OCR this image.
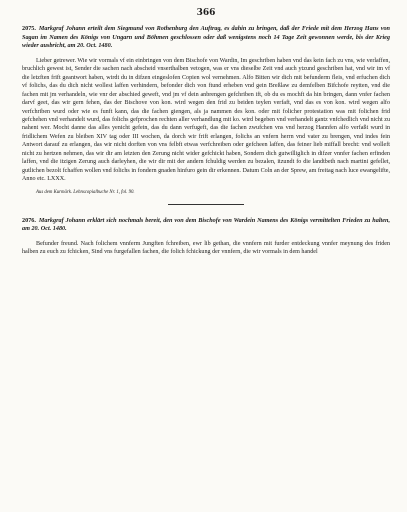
366
2075. Markgraf Johann erteilt dem Siegmund von Rothenburg den Auftrag, es dahin zu bringen, daß der Friede mit dem Herzog Hans von Sagan im Namen des Königs von Ungarn und Böhmen geschlossen oder daß wenigstens noch 14 Tage Zeit gewonnen werde, bis der Krieg wieder ausbricht, am 20. Oct. 1480.

Lieber getrewer. Wie wir vormals vf ein einbringen von dem Bischofe von Wardin, Im geschriben haben vnd das kein fach zu vns, wie verlaffen, bruchlich gewest ist, Sender die sachen nach abscheid vnserthalben vetogen, was er vns dieselbe Zeit vnd auch ytzund geschriben hat, vnd wir im vf die letzften frift geantwort haben, wirdt du in difzen eingeslofen Copien wol vernehmen. Alfo Bitten wir dich mit befunderm fleis, vnd erfuchen dich vf folichs, das du dich nicht wollest laffen verhindern, befonder dich von ftund erheben vnd gein Breßlaw zu demfelben Bifchofe reytten, vnd die fachen mit jm verhandeln, wie vnr der abschied geweft, vnd jm vf dein anbrengen gefchriben ift, ob du es mochft da hin bringen, dann vnfer fachen darvf geet, das wir gern fehen, das der Bischove von kon. wird wegen den frid zu beiden teylen verfaft, vnd das es von kon. wird wegen alfo verfchriben wurd oder wie es funft kann, das die fachen giengen, als ja nammen des kon. oder mit folicher protestation was mit folichen frid gefchehen vnd verhandelt wurd, das folichs gefprochen rechten aller verhandlung mit ko. wird begeben vnd verhandelt gantz vnfchedlich vnd nicht zu nahent wer. Mocht danne das alles yenicht gefein, das du dann verfugeft, das die fachen zwufchen vns vnd herzog Hannfen alfo verfaßt wurd in fridlichem Wefen zu bleiben XIV tag oder III wochen, da dorch wir frift erlangen, folichs an vnfern herrn vnd vater zu brengen, vnd indes fein Antwort darauf zu erlangen, das wir nicht dorften von vns felbft etwas verfchreiben oder gefcheen laffen, das feiner lieb miffall brecht: vnd wolleft nicht zu hertzen nehmen, das wir dir am letzten den Zerung nicht wider gefchickt haben, Sondern dich gutwilliglich in difzer vnnfer fachen erfinden laffen, vnd die itzigen Zerung auch darleyhen, die wir dir mit der andern fchuldig werden zu bezalen, itzundt fo die landtbeth nach martini gefellet, gutlichen bezolt fchaffen wollen vnd folichs in fondern gnaden hinfuro gein dir erkennen. Datum Coln an der Sprew, am freitag nach luce ewangelifte, Anno etc. LXXX.

Aus dem Kurmärk. Lehnscopialbuche Nr. 1, fol. 90.
2076. Markgraf Johann erklärt sich nochmals bereit, den von dem Bischofe von Wardein Namens des Königs vermittelten Frieden zu halten, am 20. Oct. 1480.

Befunder freund. Nach folichem vnnferm Jungften fchreiben, ewr lib gethan, die vnnfern mit furder entdeckung vnnfer meynung des friden halben zu euch zu fchicken, Sind vns furgefallen fachen, die folich fchickung der vnnfern, die wir vormals in dem handel
